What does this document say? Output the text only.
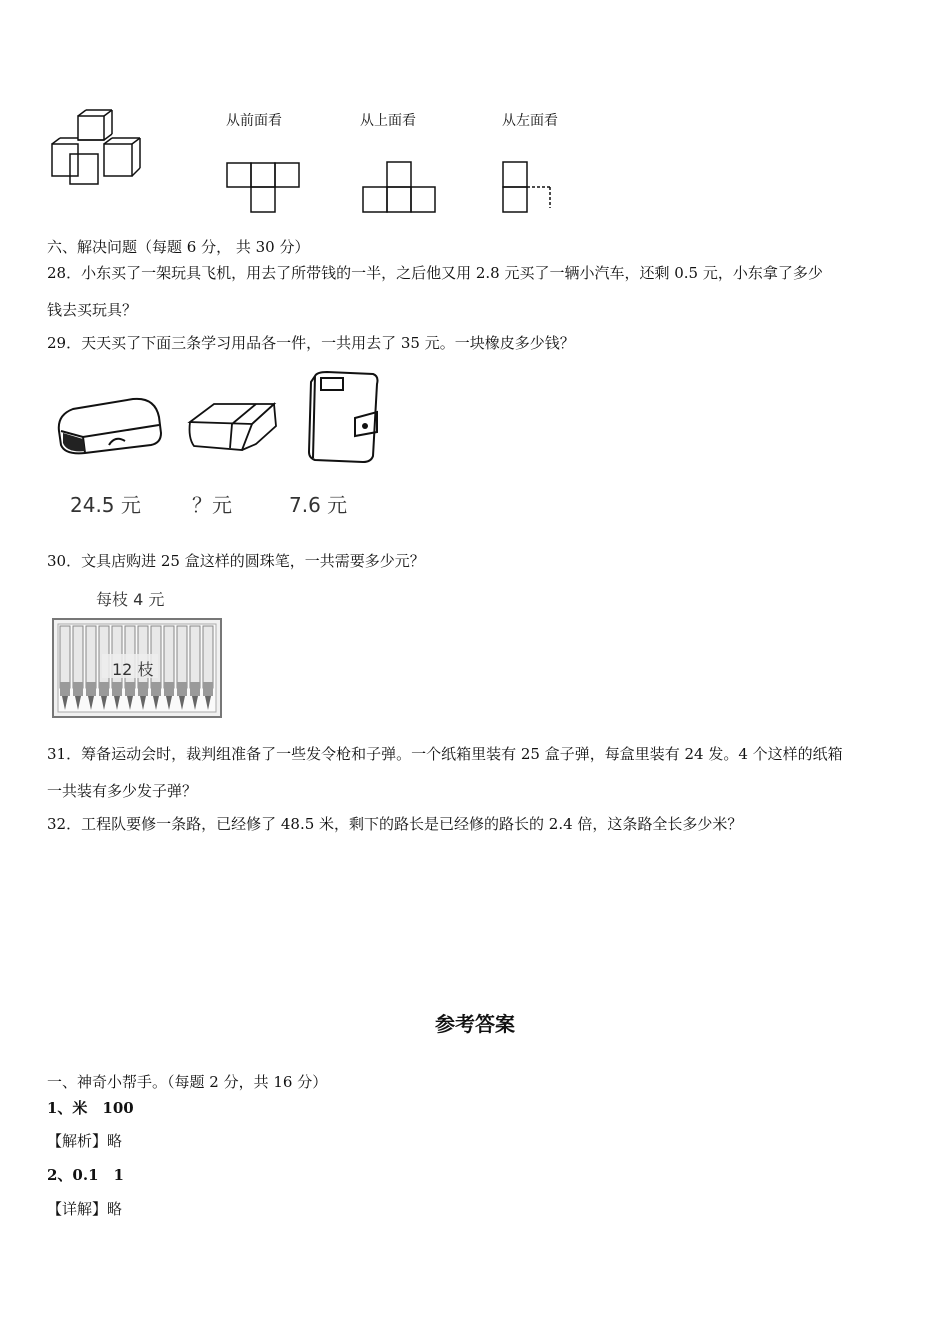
从前面看	从上面看	从左面看
六、解决问题（每题 6 分， 共 30 分）
28．小东买了一架玩具飞机，用去了所带钱的一半，之后他又用 2.8 元买了一辆小汽车，还剩 0.5 元，小东拿了多少
钱去买玩具？
29．天天买了下面三条学习用品各一件，一共用去了 35 元。一块橡皮多少钱？
24.5 元	？元	7.6 元
30．文具店购进 25 盒这样的圆珠笔，一共需要多少元？
每枝 4 元
12 枝
31．筹备运动会时，裁判组准备了一些发令枪和子弹。一个纸箱里装有 25 盒子弹，每盒里装有 24 发。4 个这样的纸箱
一共装有多少发子弹？
32．工程队要修一条路，已经修了 48.5 米，剩下的路长是已经修的路长的 2.4 倍，这条路全长多少米？
参考答案
一、神奇小帮手。（每题 2 分，共 16 分）
1、米　100
【解析】略
2、0.1　1
【详解】略
